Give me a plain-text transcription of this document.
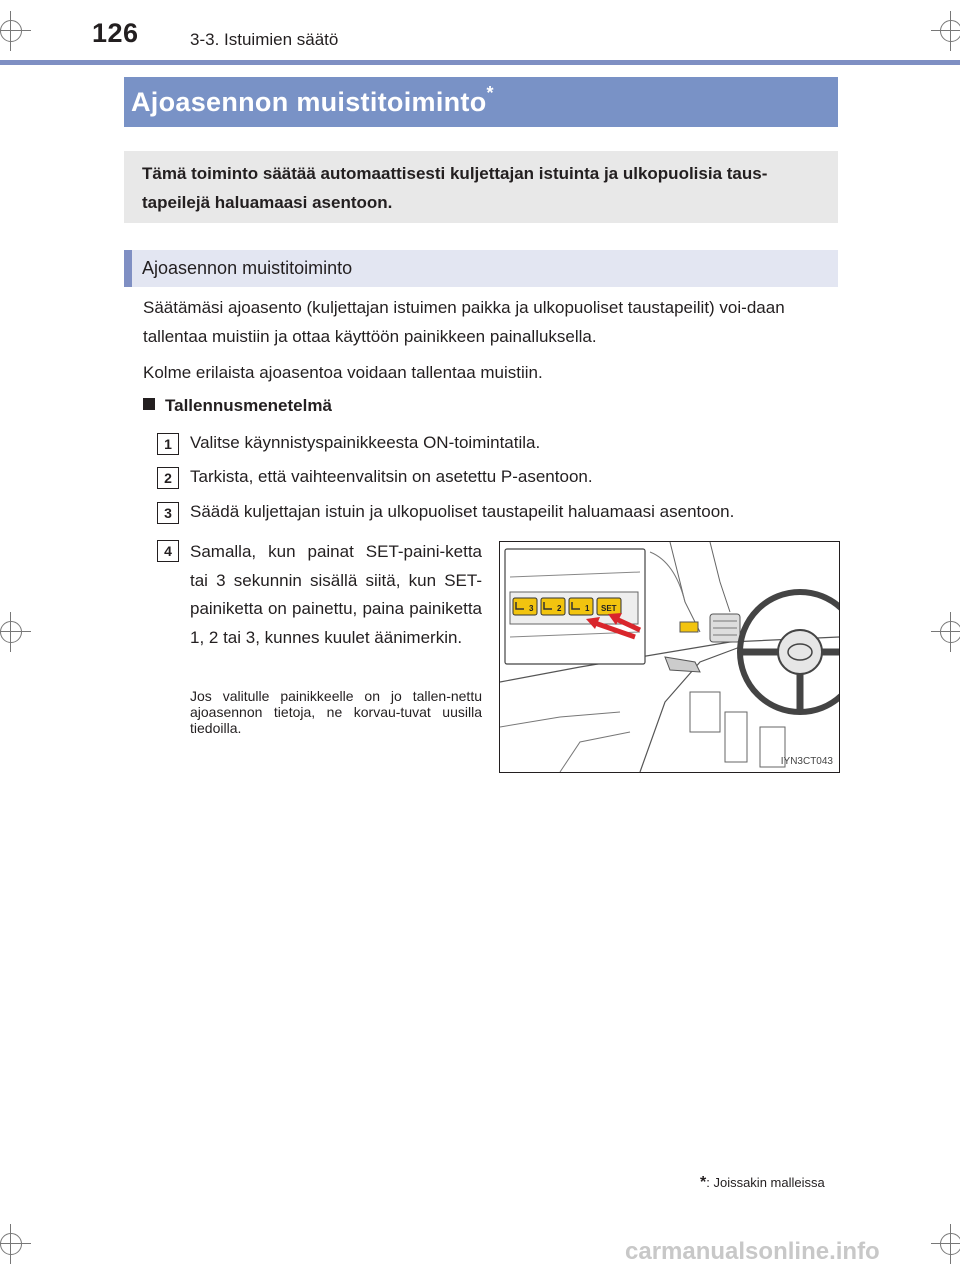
126	3-3. Istuimien säätö
Ajoasennon muistitoiminto*
Tämä toiminto säätää automaattisesti kuljettajan istuinta ja ulkopuolisia taus-tapeilejä haluamaasi asentoon.
Ajoasennon muistitoiminto
Säätämäsi ajoasento (kuljettajan istuimen paikka ja ulkopuoliset taustapeilit) voi-daan tallentaa muistiin ja ottaa käyttöön painikkeen painalluksella.
Kolme erilaista ajoasentoa voidaan tallentaa muistiin.
Tallennusmenetelmä
1	Valitse käynnistyspainikkeesta ON-toimintatila.
2	Tarkista, että vaihteenvalitsin on asetettu P-asentoon.
3	Säädä kuljettajan istuin ja ulkopuoliset taustapeilit haluamaasi asentoon.
4	Samalla, kun painat SET-paini-ketta tai 3 sekunnin sisällä siitä, kun SET-painiketta on painettu, paina painiketta 1, 2 tai 3, kunnes kuulet äänimerkin.
Jos valitulle painikkeelle on jo tallen-nettu ajoasennon tietoja, ne korvau-tuvat uusilla tiedoilla.
3	2	1 SET
IYN3CT043
*: Joissakin malleissa
carmanualsonline.info
